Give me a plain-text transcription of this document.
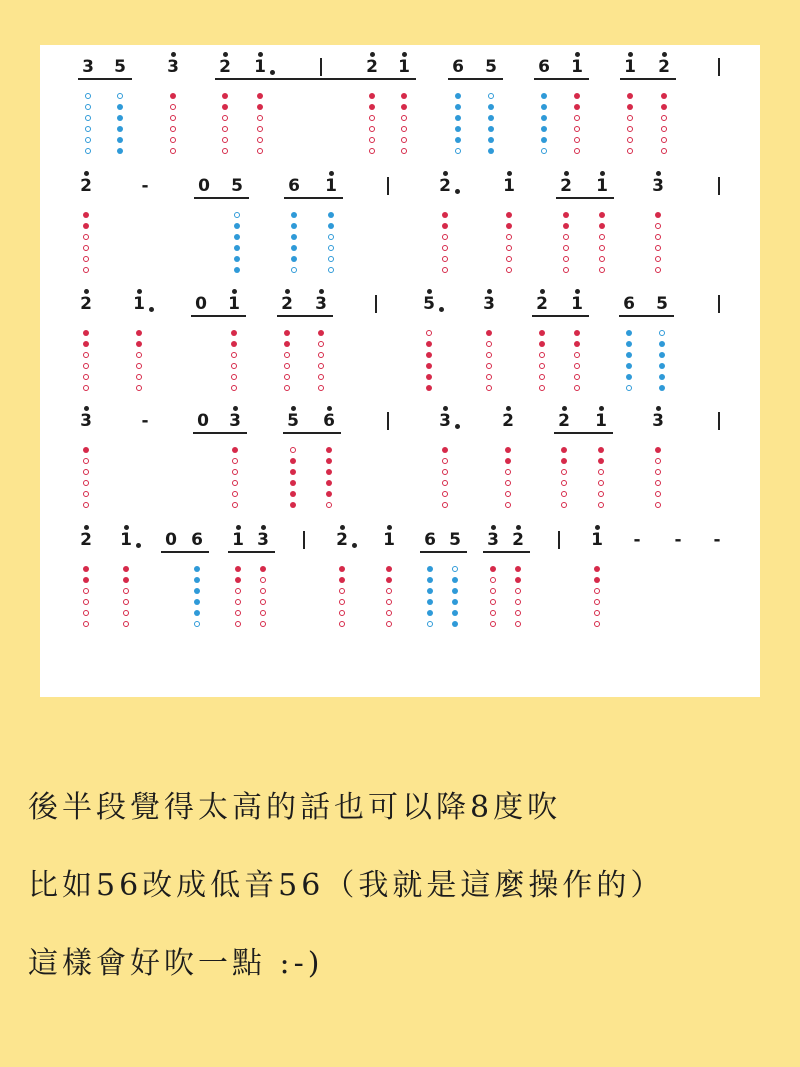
3 5 3 2 1	2 1 6 5 6 1 1 2
2	-	0 5	6 1	2	1	2 1	3
2 1	0 1 2 3	5	3 2 1 6 5
3	-	0 3	5 6	3	2	2 1	3
2 1 0 6 1 3	2 1 6 5 3 2	1	-	-	-
後半段覺得太高的話也可以降8度吹
比如56改成低音56（我就是這麼操作的）
這樣會好吹一點 :-)
